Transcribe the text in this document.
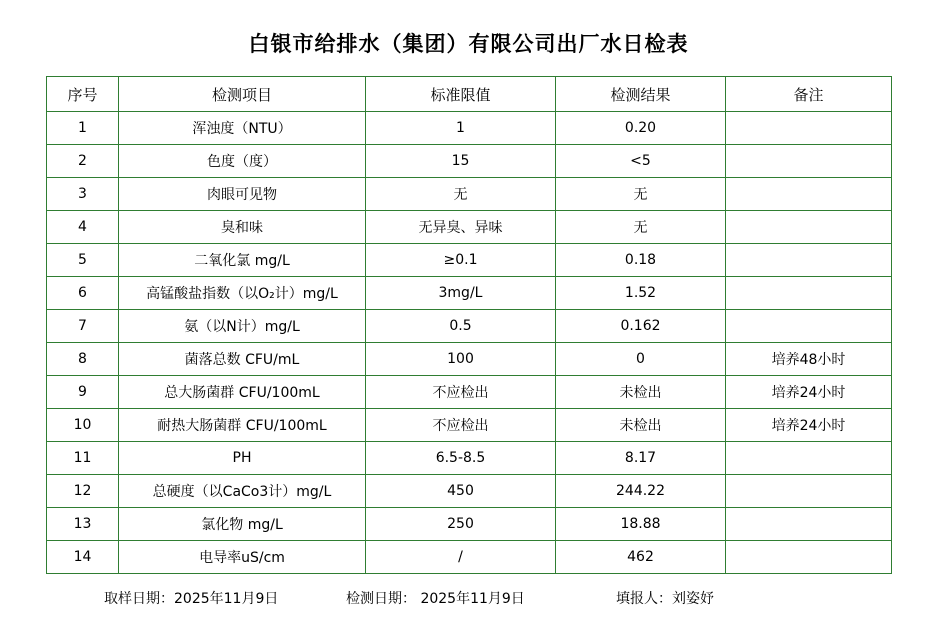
白银市给排水（集团）有限公司出厂水日检表
序号	检测项目	标准限值	检测结果	备注
1	浑浊度（NTU）	1	0.20	
2	色度（度）	15	<5	
3	肉眼可见物	无	无	
4	臭和味	无异臭、异味	无	
5	二氧化氯 mg/L	≥0.1	0.18	
6	高锰酸盐指数（以O₂计）mg/L	3mg/L	1.52	
7	氨（以N计）mg/L	0.5	0.162	
8	菌落总数 CFU/mL	100	0	培养48小时
9	总大肠菌群 CFU/100mL	不应检出	未检出	培养24小时
10	耐热大肠菌群 CFU/100mL	不应检出	未检出	培养24小时
11	PH	6.5-8.5	8.17	
12	总硬度（以CaCo3计）mg/L	450	244.22	
13	氯化物 mg/L	250	18.88	
14	电导率uS/cm	/	462	
取样日期：2025年11月9日	检测日期： 2025年11月9日	填报人：刘姿妤
